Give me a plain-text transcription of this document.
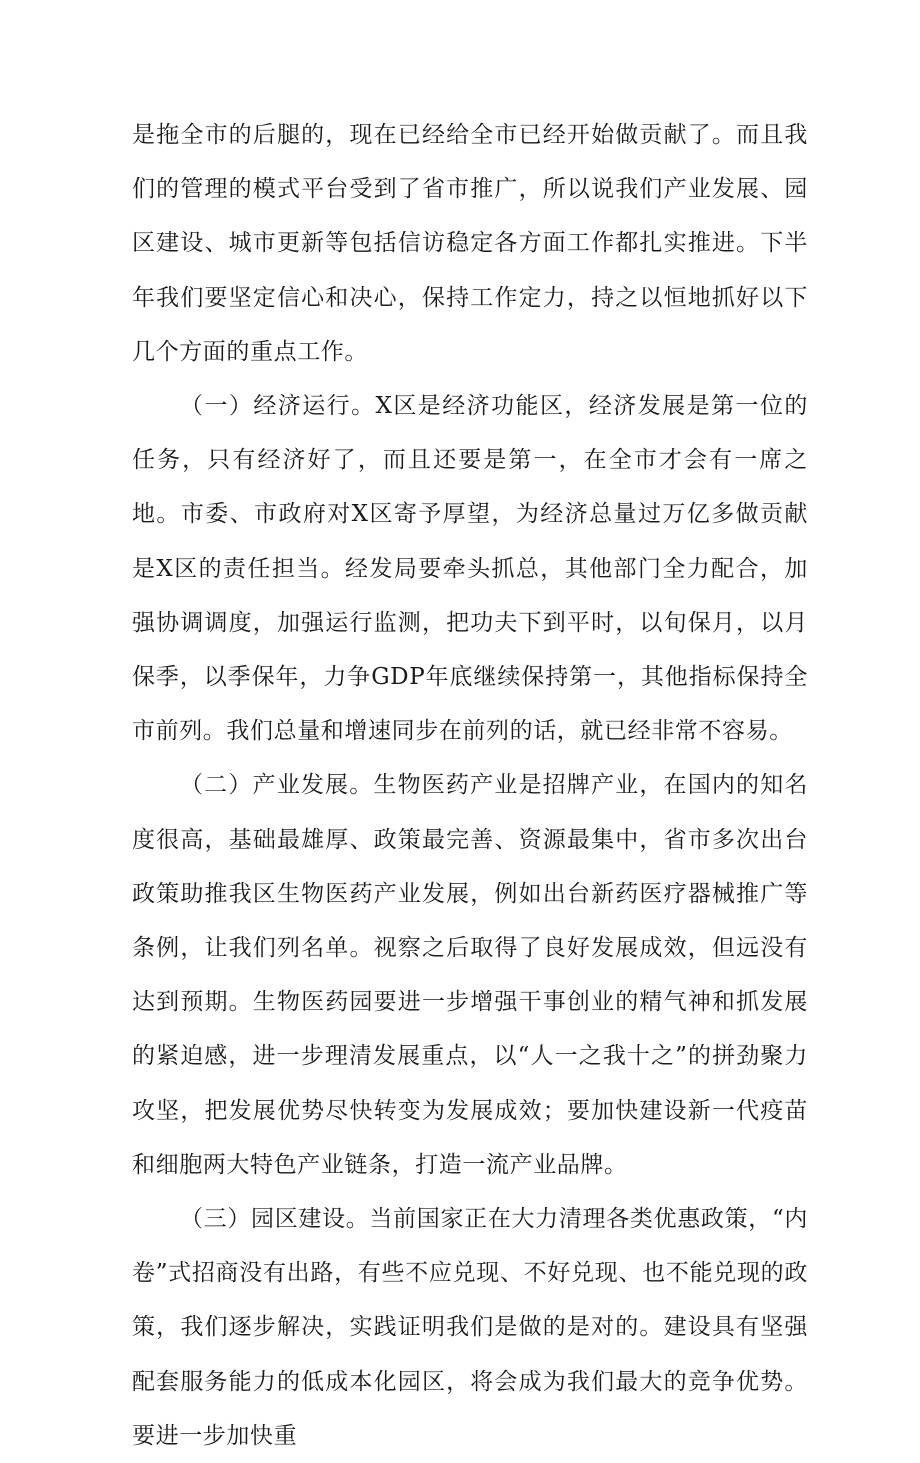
是拖全市的后腿的，现在已经给全市已经开始做贡献了。而且我们的管理的模式平台受到了省市推广，所以说我们产业发展、园区建设、城市更新等包括信访稳定各方面工作都扎实推进。下半年我们要坚定信心和决心，保持工作定力，持之以恒地抓好以下几个方面的重点工作。

（一）经济运行。X区是经济功能区，经济发展是第一位的任务，只有经济好了，而且还要是第一，在全市才会有一席之地。市委、市政府对X区寄予厚望，为经济总量过万亿多做贡献是X区的责任担当。经发局要牵头抓总，其他部门全力配合，加强协调调度，加强运行监测，把功夫下到平时，以旬保月，以月保季，以季保年，力争GDP年底继续保持第一，其他指标保持全市前列。我们总量和增速同步在前列的话，就已经非常不容易。

（二）产业发展。生物医药产业是招牌产业，在国内的知名度很高，基础最雄厚、政策最完善、资源最集中，省市多次出台政策助推我区生物医药产业发展，例如出台新药医疗器械推广等条例，让我们列名单。视察之后取得了良好发展成效，但远没有达到预期。生物医药园要进一步增强干事创业的精气神和抓发展的紧迫感，进一步理清发展重点，以“人一之我十之”的拼劲聚力攻坚，把发展优势尽快转变为发展成效；要加快建设新一代疫苗和细胞两大特色产业链条，打造一流产业品牌。

（三）园区建设。当前国家正在大力清理各类优惠政策，“内卷”式招商没有出路，有些不应兑现、不好兑现、也不能兑现的政策，我们逐步解决，实践证明我们是做的是对的。建设具有坚强配套服务能力的低成本化园区，将会成为我们最大的竞争优势。要进一步加快重
